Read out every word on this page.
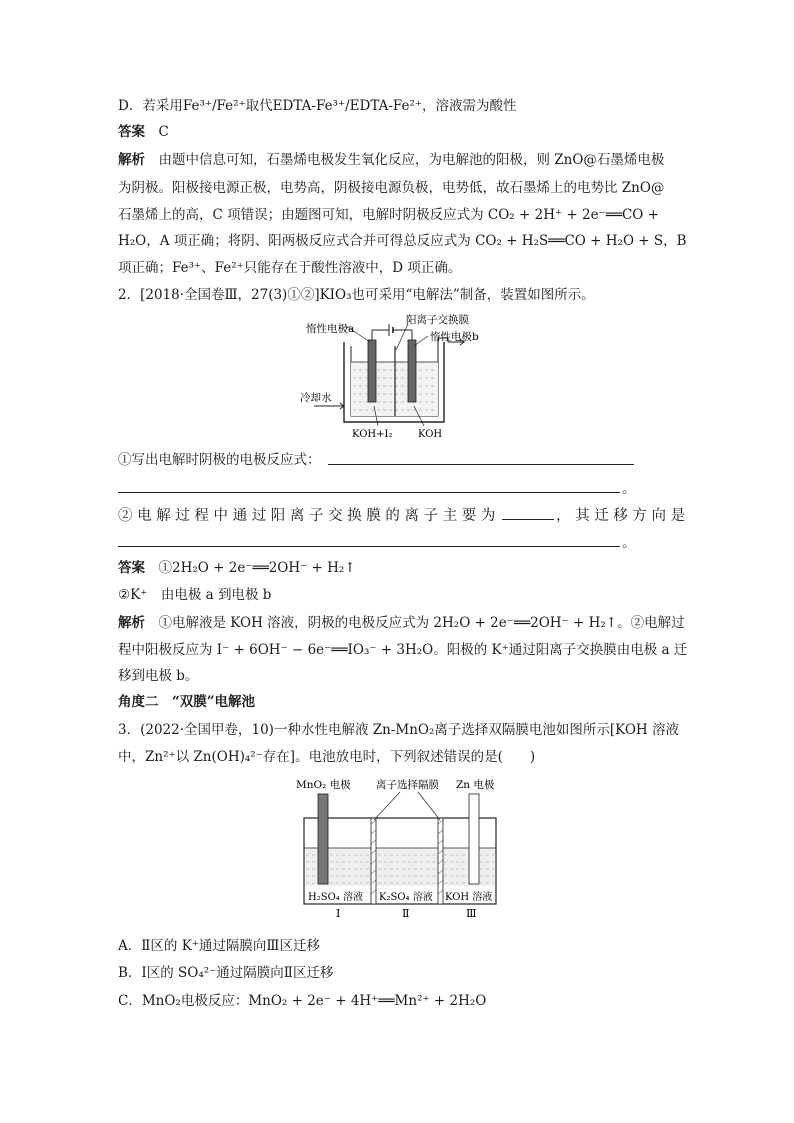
D．若采用Fe³⁺/Fe²⁺取代EDTA-Fe³⁺/EDTA-Fe²⁺，溶液需为酸性
答案　 C
解析　 由题中信息可知，石墨烯电极发生氧化反应，为电解池的阳极，则 ZnO@石墨烯电极
为阴极。阳极接电源正极，电势高，阴极接电源负极，电势低，故石墨烯上的电势比 ZnO@
石墨烯上的高，C 项错误；由题图可知，电解时阴极反应式为 CO₂ + 2H⁺ + 2e⁻══CO +
H₂O，A 项正确；将阴、阳两极反应式合并可得总反应式为 CO₂ + H₂S══CO + H₂O + S，B
项正确；Fe³⁺、Fe²⁺只能存在于酸性溶液中，D 项正确。
2．[2018·全国卷Ⅲ，27(3)①②]KIO₃也可采用“电解法”制备，装置如图所示。
惰性电极a
阳离子交换膜
惰性电极b
冷却水
KOH+I₂	KOH
①写出电解时阴极的电极反应式：
。
②电解过程中通过阳离子交换膜的离子主要为	，其迁移方向是
。
答案　 ①2H₂O + 2e⁻══2OH⁻ + H₂↑
②K⁺　由电极 a 到电极 b
解析　 ①电解液是 KOH 溶液，阴极的电极反应式为 2H₂O + 2e⁻══2OH⁻ + H₂↑。②电解过
程中阳极反应为 I⁻ + 6OH⁻ − 6e⁻══IO₃⁻ + 3H₂O。阳极的 K⁺通过阳离子交换膜由电极 a 迁
移到电极 b。
角度二　“双膜”电解池
3．(2022·全国甲卷，10)一种水性电解液 Zn-MnO₂离子选择双隔膜电池如图所示[KOH 溶液
中，Zn²⁺以 Zn(OH)₄²⁻存在]。电池放电时，下列叙述错误的是(　　)
MnO₂ 电极 离子选择隔膜 Zn 电极
H₂SO₄ 溶液 K₂SO₄ 溶液 KOH 溶液
Ⅰ	Ⅱ	Ⅲ
A．Ⅱ区的 K⁺通过隔膜向Ⅲ区迁移
B．Ⅰ区的 SO₄²⁻通过隔膜向Ⅱ区迁移
C．MnO₂电极反应：MnO₂ + 2e⁻ + 4H⁺══Mn²⁺ + 2H₂O
